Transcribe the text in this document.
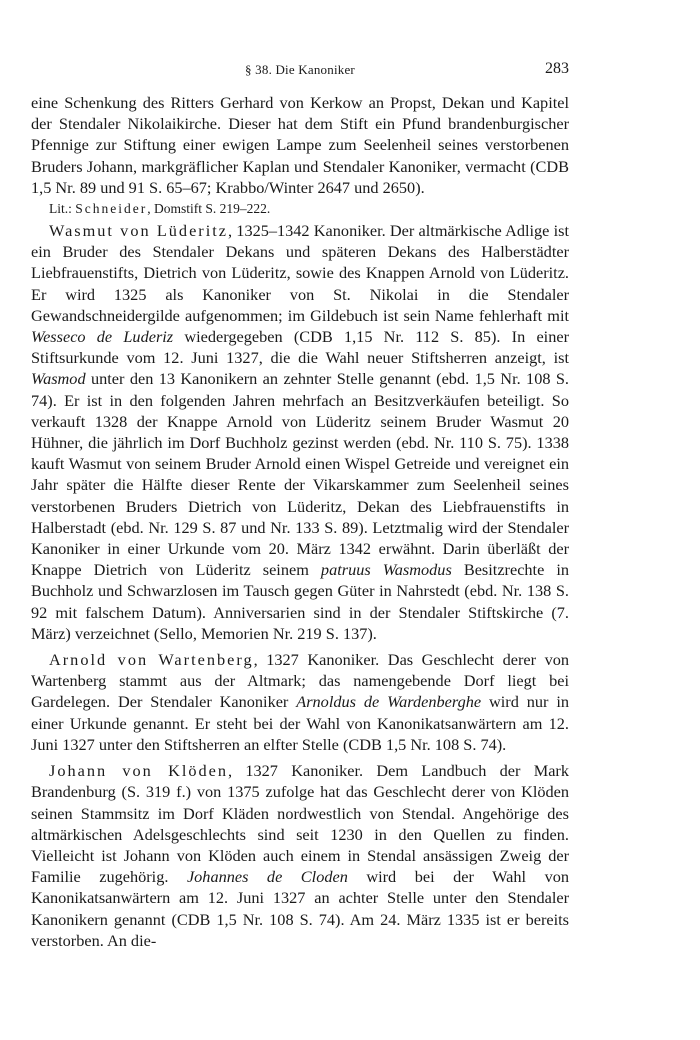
§ 38. Die Kanoniker	283

eine Schenkung des Ritters Gerhard von Kerkow an Propst, Dekan und Kapitel der Stendaler Nikolaikirche. Dieser hat dem Stift ein Pfund brandenburgischer Pfennige zur Stiftung einer ewigen Lampe zum Seelenheil seines verstorbenen Bruders Johann, markgräflicher Kaplan und Stendaler Kanoniker, vermacht (CDB 1,5 Nr. 89 und 91 S. 65–67; Krabbo/Winter 2647 und 2650).

Lit.: Schneider, Domstift S. 219–222.

Wasmut von Lüderitz, 1325–1342 Kanoniker. Der altmärkische Adlige ist ein Bruder des Stendaler Dekans und späteren Dekans des Halberstädter Liebfrauenstifts, Dietrich von Lüderitz, sowie des Knappen Arnold von Lüderitz. Er wird 1325 als Kanoniker von St. Nikolai in die Stendaler Gewandschneidergilde aufgenommen; im Gildebuch ist sein Name fehlerhaft mit Wesseco de Luderiz wiedergegeben (CDB 1,15 Nr. 112 S. 85). In einer Stiftsurkunde vom 12. Juni 1327, die die Wahl neuer Stiftsherren anzeigt, ist Wasmod unter den 13 Kanonikern an zehnter Stelle genannt (ebd. 1,5 Nr. 108 S. 74). Er ist in den folgenden Jahren mehrfach an Besitzverkäufen beteiligt. So verkauft 1328 der Knappe Arnold von Lüderitz seinem Bruder Wasmut 20 Hühner, die jährlich im Dorf Buchholz gezinst werden (ebd. Nr. 110 S. 75). 1338 kauft Wasmut von seinem Bruder Arnold einen Wispel Getreide und vereignet ein Jahr später die Hälfte dieser Rente der Vikarskammer zum Seelenheil seines verstorbenen Bruders Dietrich von Lüderitz, Dekan des Liebfrauenstifts in Halberstadt (ebd. Nr. 129 S. 87 und Nr. 133 S. 89). Letztmalig wird der Stendaler Kanoniker in einer Urkunde vom 20. März 1342 erwähnt. Darin überläßt der Knappe Dietrich von Lüderitz seinem patruus Wasmodus Besitzrechte in Buchholz und Schwarzlosen im Tausch gegen Güter in Nahrstedt (ebd. Nr. 138 S. 92 mit falschem Datum). Anniversarien sind in der Stendaler Stiftskirche (7. März) verzeichnet (Sello, Memorien Nr. 219 S. 137).

Arnold von Wartenberg, 1327 Kanoniker. Das Geschlecht derer von Wartenberg stammt aus der Altmark; das namengebende Dorf liegt bei Gardelegen. Der Stendaler Kanoniker Arnoldus de Wardenberghe wird nur in einer Urkunde genannt. Er steht bei der Wahl von Kanonikatsanwärtern am 12. Juni 1327 unter den Stiftsherren an elfter Stelle (CDB 1,5 Nr. 108 S. 74).

Johann von Klöden, 1327 Kanoniker. Dem Landbuch der Mark Brandenburg (S. 319 f.) von 1375 zufolge hat das Geschlecht derer von Klöden seinen Stammsitz im Dorf Kläden nordwestlich von Stendal. Angehörige des altmärkischen Adelsgeschlechts sind seit 1230 in den Quellen zu finden. Vielleicht ist Johann von Klöden auch einem in Stendal ansässigen Zweig der Familie zugehörig. Johannes de Cloden wird bei der Wahl von Kanonikatsanwärtern am 12. Juni 1327 an achter Stelle unter den Stendaler Kanonikern genannt (CDB 1,5 Nr. 108 S. 74). Am 24. März 1335 ist er bereits verstorben. An die-
